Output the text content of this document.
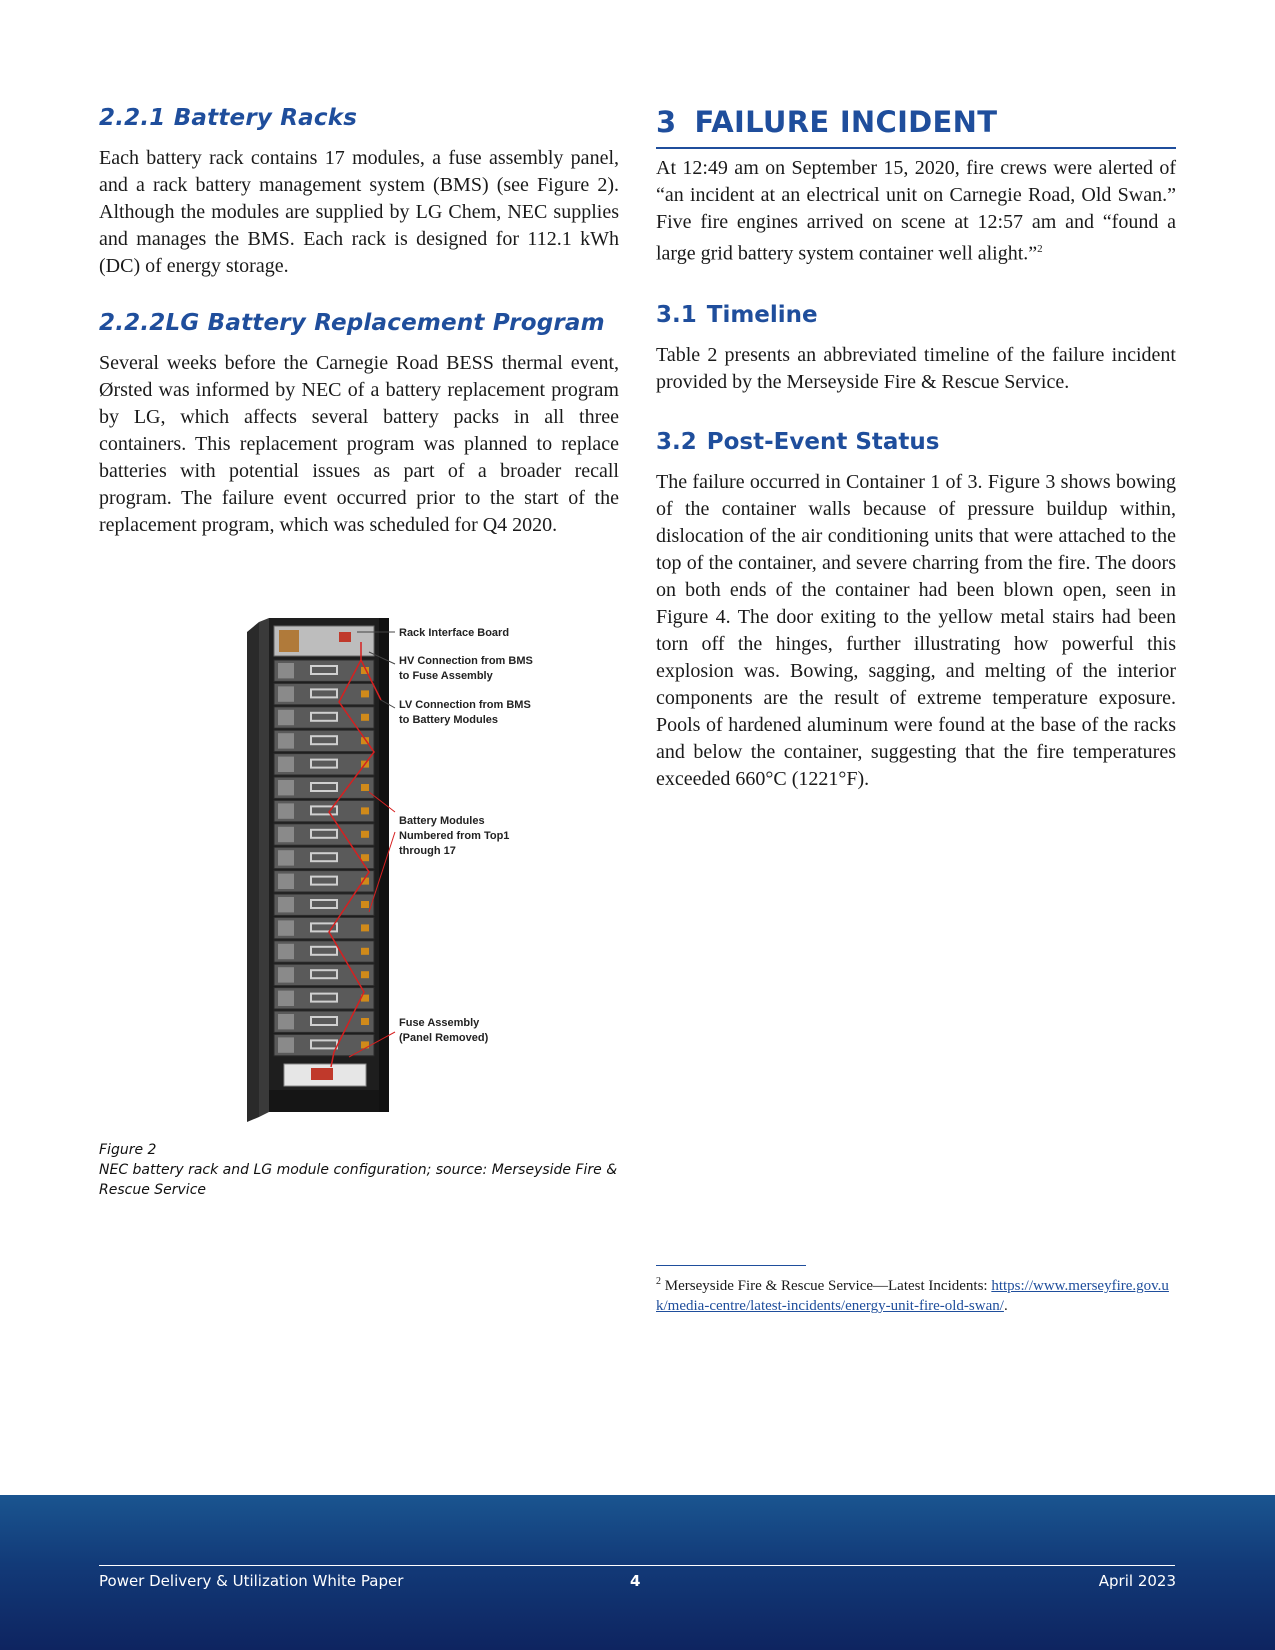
2.2.1 Battery Racks

Each battery rack contains 17 modules, a fuse assembly panel, and a rack battery management system (BMS) (see Figure 2). Although the modules are supplied by LG Chem, NEC supplies and manages the BMS. Each rack is designed for 112.1 kWh (DC) of energy storage.

2.2.2LG Battery Replacement Program

Several weeks before the Carnegie Road BESS thermal event, Ørsted was informed by NEC of a battery replacement program by LG, which affects several battery packs in all three containers. This replacement program was planned to replace batteries with potential issues as part of a broader recall program. The failure event occurred prior to the start of the replacement program, which was scheduled for Q4 2020.

Rack Interface Board
HV Connection from BMS
to Fuse Assembly
LV Connection from BMS
to Battery Modules
Battery Modules
Numbered from Top1
through 17
Fuse Assembly
(Panel Removed)
Figure 2
NEC battery rack and LG module configuration; source: Merseyside Fire & Rescue Service
3 FAILURE INCIDENT

At 12:49 am on September 15, 2020, fire crews were alerted of “an incident at an electrical unit on Carnegie Road, Old Swan.” Five fire engines arrived on scene at 12:57 am and “found a large grid battery system container well alight.”$^2$

3.1 Timeline

Table 2 presents an abbreviated timeline of the failure incident provided by the Merseyside Fire & Rescue Service.

3.2 Post-Event Status

The failure occurred in Container 1 of 3. Figure 3 shows bowing of the container walls because of pressure buildup within, dislocation of the air conditioning units that were attached to the top of the container, and severe charring from the fire. The doors on both ends of the container had been blown open, seen in Figure 4. The door exiting to the yellow metal stairs had been torn off the hinges, further illustrating how powerful this explosion was. Bowing, sagging, and melting of the interior components are the result of extreme temperature exposure. Pools of hardened aluminum were found at the base of the racks and below the container, suggesting that the fire temperatures exceeded 660°C (1221°F).

$^2$ Merseyside Fire & Rescue Service—Latest Incidents: https://www.merseyfire.gov.uk/media-centre/latest-incidents/energy-unit-fire-old-swan/.
Power Delivery & Utilization White Paper	4	April 2023
